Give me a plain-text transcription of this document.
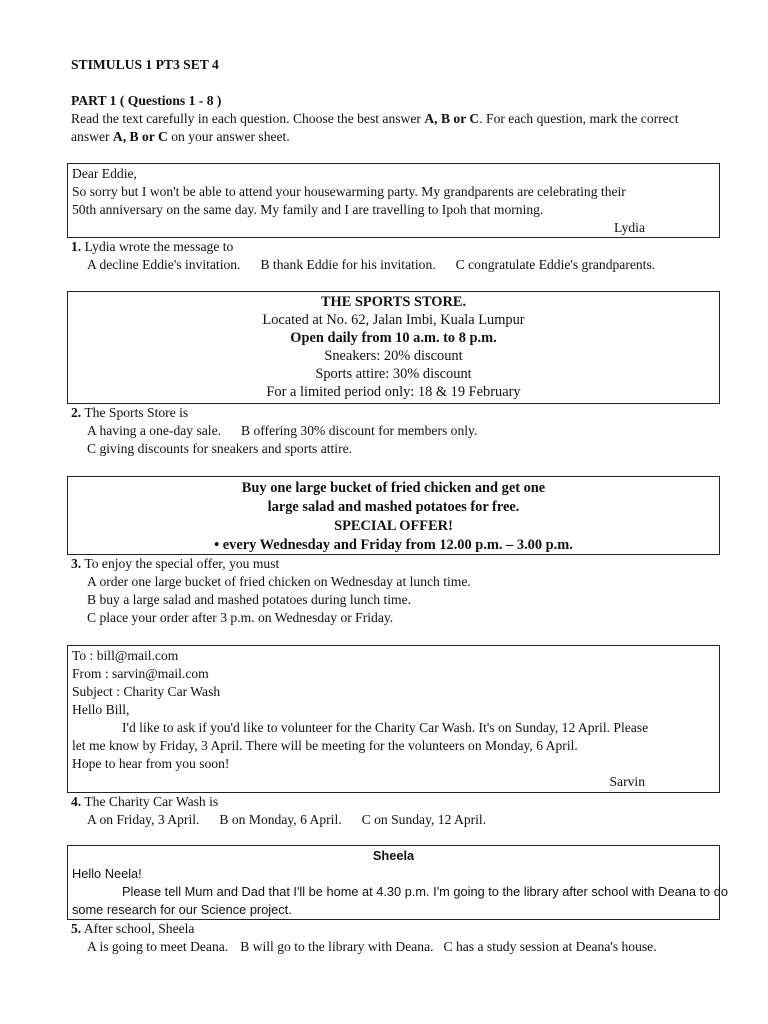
STIMULUS 1 PT3 SET 4
PART 1 ( Questions 1 - 8 )
Read the text carefully in each question. Choose the best answer A, B or C. For each question, mark the correct answer A, B or C on your answer sheet.
Dear Eddie,
So sorry but I won't be able to attend your housewarming party. My grandparents are celebrating their
50th anniversary on the same day. My family and I are travelling to Ipoh that morning.
Lydia
1. Lydia wrote the message to
A decline Eddie's invitation. B thank Eddie for his invitation. C congratulate Eddie's grandparents.
THE SPORTS STORE.
Located at No. 62, Jalan Imbi, Kuala Lumpur
Open daily from 10 a.m. to 8 p.m.
Sneakers: 20% discount
Sports attire: 30% discount
For a limited period only: 18 & 19 February
2. The Sports Store is
A having a one-day sale. B offering 30% discount for members only.
C giving discounts for sneakers and sports attire.
Buy one large bucket of fried chicken and get one
large salad and mashed potatoes for free.
SPECIAL OFFER!
• every Wednesday and Friday from 12.00 p.m. – 3.00 p.m.
3. To enjoy the special offer, you must
A order one large bucket of fried chicken on Wednesday at lunch time.
B buy a large salad and mashed potatoes during lunch time.
C place your order after 3 p.m. on Wednesday or Friday.
To : bill@mail.com
From : sarvin@mail.com
Subject : Charity Car Wash
Hello Bill,
I'd like to ask if you'd like to volunteer for the Charity Car Wash. It's on Sunday, 12 April. Please
let me know by Friday, 3 April. There will be meeting for the volunteers on Monday, 6 April.
Hope to hear from you soon!
Sarvin
4. The Charity Car Wash is
A on Friday, 3 April. B on Monday, 6 April. C on Sunday, 12 April.
Sheela
Hello Neela!
Please tell Mum and Dad that I'll be home at 4.30 p.m. I'm going to the library after school with Deana to do
some research for our Science project.
5. After school, Sheela
A is going to meet Deana. B will go to the library with Deana. C has a study session at Deana's house.
